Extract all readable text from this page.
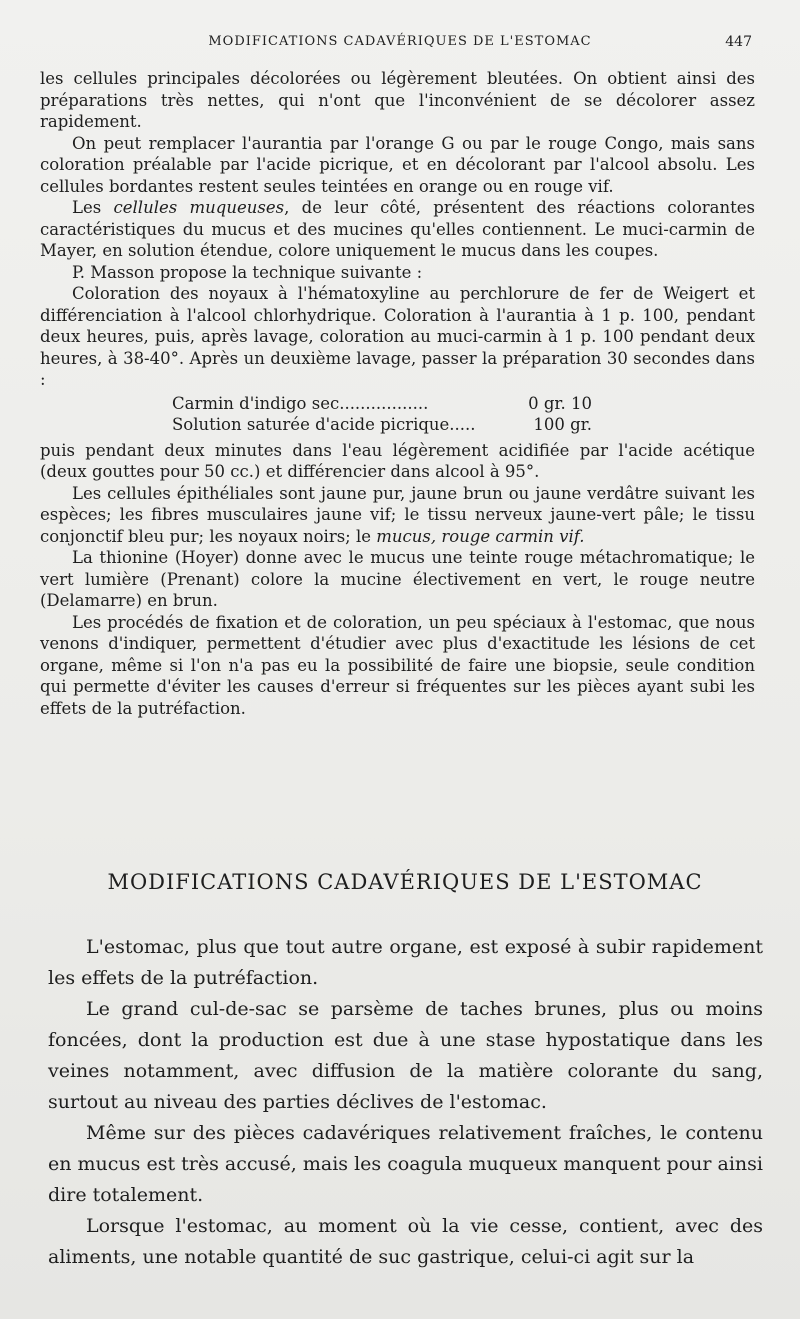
MODIFICATIONS CADAVÉRIQUES DE L'ESTOMAC	447

les cellules principales décolorées ou légèrement bleutées. On obtient ainsi des préparations très nettes, qui n'ont que l'inconvénient de se décolorer assez rapidement.

On peut remplacer l'aurantia par l'orange G ou par le rouge Congo, mais sans coloration préalable par l'acide picrique, et en décolorant par l'alcool absolu. Les cellules bordantes restent seules teintées en orange ou en rouge vif.

Les cellules muqueuses, de leur côté, présentent des réactions colorantes caractéristiques du mucus et des mucines qu'elles contiennent. Le muci-carmin de Mayer, en solution étendue, colore uniquement le mucus dans les coupes.

P. Masson propose la technique suivante :

Coloration des noyaux à l'hématoxyline au perchlorure de fer de Weigert et différenciation à l'alcool chlorhydrique. Coloration à l'aurantia à 1 p. 100, pendant deux heures, puis, après lavage, coloration au muci-carmin à 1 p. 100 pendant deux heures, à 38-40°. Après un deuxième lavage, passer la préparation 30 secondes dans :

Carmin d'indigo sec.................	0 gr. 10
Solution saturée d'acide picrique.....	100 gr.

puis pendant deux minutes dans l'eau légèrement acidifiée par l'acide acétique (deux gouttes pour 50 cc.) et différencier dans alcool à 95°.

Les cellules épithéliales sont jaune pur, jaune brun ou jaune verdâtre suivant les espèces; les fibres musculaires jaune vif; le tissu nerveux jaune-vert pâle; le tissu conjonctif bleu pur; les noyaux noirs; le mucus, rouge carmin vif.

La thionine (Hoyer) donne avec le mucus une teinte rouge métachromatique; le vert lumière (Prenant) colore la mucine électivement en vert, le rouge neutre (Delamarre) en brun.

Les procédés de fixation et de coloration, un peu spéciaux à l'estomac, que nous venons d'indiquer, permettent d'étudier avec plus d'exactitude les lésions de cet organe, même si l'on n'a pas eu la possibilité de faire une biopsie, seule condition qui permette d'éviter les causes d'erreur si fréquentes sur les pièces ayant subi les effets de la putréfaction.

MODIFICATIONS CADAVÉRIQUES DE L'ESTOMAC

L'estomac, plus que tout autre organe, est exposé à subir rapidement les effets de la putréfaction.

Le grand cul-de-sac se parsème de taches brunes, plus ou moins foncées, dont la production est due à une stase hypostatique dans les veines notamment, avec diffusion de la matière colorante du sang, surtout au niveau des parties déclives de l'estomac.

Même sur des pièces cadavériques relativement fraîches, le contenu en mucus est très accusé, mais les coagula muqueux manquent pour ainsi dire totalement.

Lorsque l'estomac, au moment où la vie cesse, contient, avec des aliments, une notable quantité de suc gastrique, celui-ci agit sur la
